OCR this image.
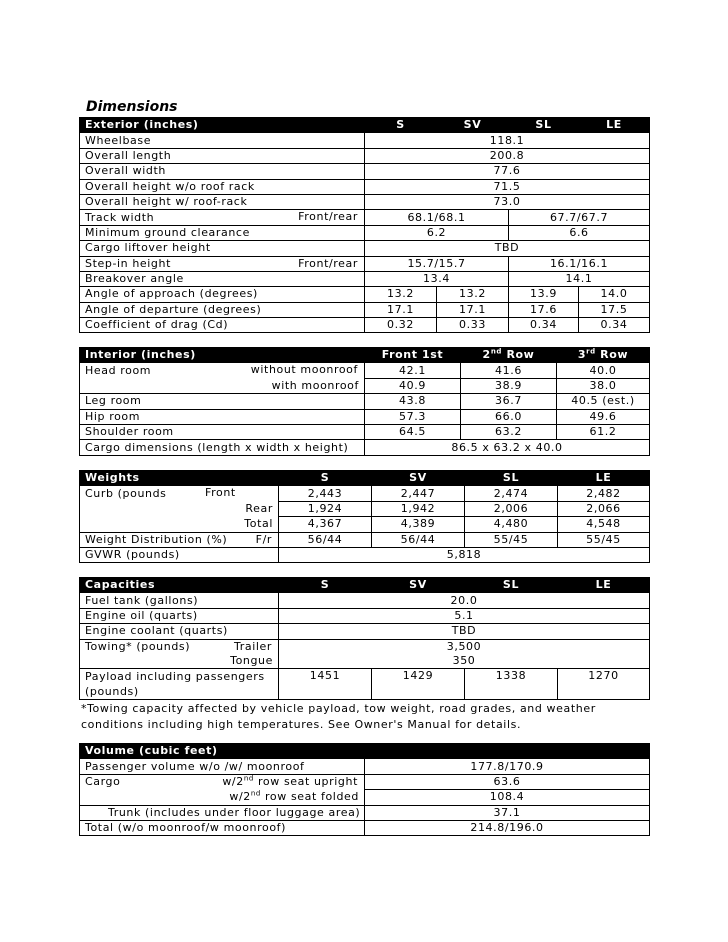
Dimensions
Exterior (inches)	S	SV	SL	LE
Wheelbase	118.1			
Overall length	200.8			
Overall width	77.6			
Overall height w/o roof rack	71.5			
Overall height w/ roof-rack	73.0			
Track width Front/rear	68.1/68.1		67.7/67.7	
Minimum ground clearance	6.2		6.6	
Cargo liftover height	TBD			
Step-in height Front/rear	15.7/15.7		16.1/16.1	
Breakover angle	13.4		14.1	
Angle of approach (degrees)	13.2	13.2	13.9	14.0
Angle of departure (degrees)	17.1	17.1	17.6	17.5
Coefficient of drag (Cd)	0.32	0.33	0.34	0.34
Interior (inches)	Front 1st	2nd Row	3rd Row
Head room without moonroof	42.1	41.6	40.0
with moonroof	40.9	38.9	38.0
Leg room	43.8	36.7	40.5 (est.)
Hip room	57.3	66.0	49.6
Shoulder room	64.5	63.2	61.2
Cargo dimensions (length x width x height)	86.5 x 63.2 x 40.0		
Weights	S	SV	SL	LE
Curb (pounds Front	2,443	2,447	2,474	2,482
Rear	1,924	1,942	2,006	2,066
Total	4,367	4,389	4,480	4,548
Weight Distribution (%) F/r	56/44	56/44	55/45	55/45
GVWR (pounds)	5,818			
Capacities	S	SV	SL	LE
Fuel tank (gallons)	20.0			
Engine oil (quarts)	5.1			
Engine coolant (quarts)	TBD			
Towing* (pounds) Trailer	3,500			
Tongue	350			
Payload including passengers (pounds)	1451	1429	1338	1270
*Towing capacity affected by vehicle payload, tow weight, road grades, and weather conditions including high temperatures. See Owner's Manual for details.
Volume (cubic feet)	
Passenger volume w/o /w/ moonroof	177.8/170.9
Cargo w/2nd row seat upright	63.6
w/2nd row seat folded	108.4
Trunk (includes under floor luggage area)	37.1
Total (w/o moonroof/w moonroof)	214.8/196.0
